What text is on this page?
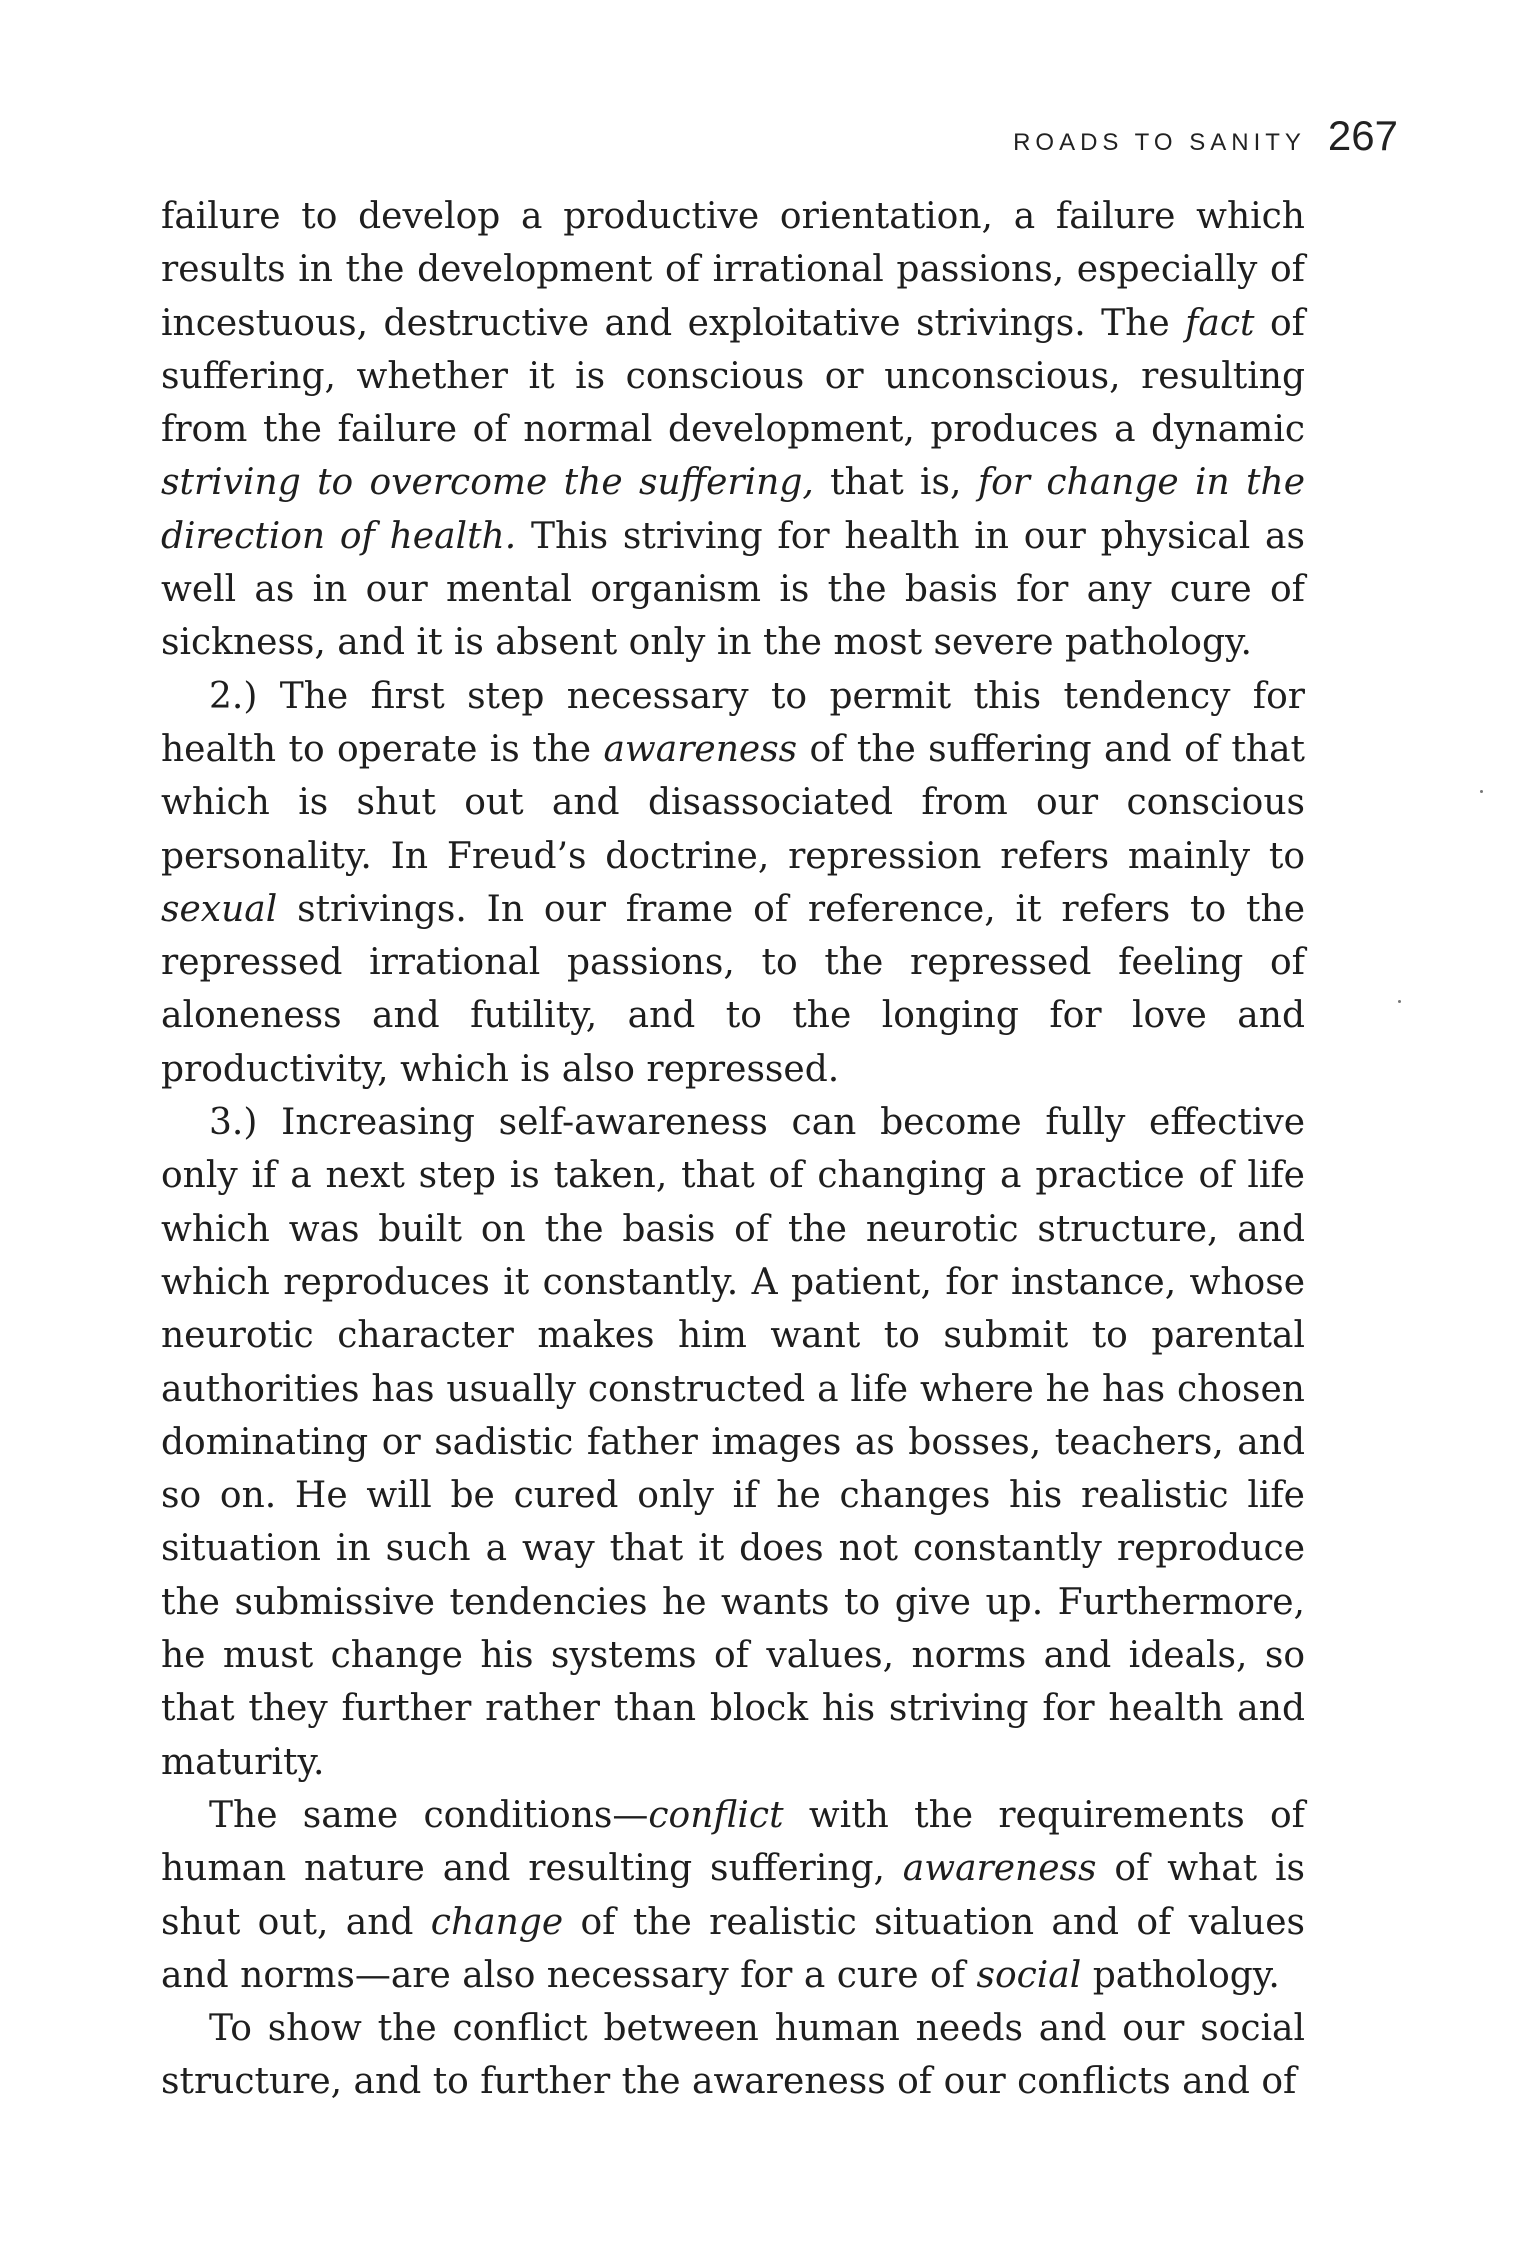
ROADS TO SANITY 267

failure to develop a productive orientation, a failure which results in the development of irrational passions, especially of incestuous, destructive and exploitative strivings. The fact of suffering, whether it is conscious or unconscious, resulting from the failure of normal development, produces a dynamic striving to overcome the suffering, that is, for change in the direction of health. This striving for health in our physical as well as in our mental organism is the basis for any cure of sickness, and it is absent only in the most severe pathology.

2.) The first step necessary to permit this tendency for health to operate is the awareness of the suffering and of that which is shut out and disassociated from our conscious personality. In Freud’s doctrine, repression refers mainly to sexual strivings. In our frame of reference, it refers to the repressed irrational passions, to the repressed feeling of aloneness and futility, and to the longing for love and productivity, which is also repressed.

3.) Increasing self-awareness can become fully effective only if a next step is taken, that of changing a practice of life which was built on the basis of the neurotic structure, and which reproduces it constantly. A patient, for instance, whose neurotic character makes him want to submit to parental authorities has usually constructed a life where he has chosen dominating or sadistic father images as bosses, teachers, and so on. He will be cured only if he changes his realistic life situation in such a way that it does not constantly reproduce the submissive tendencies he wants to give up. Furthermore, he must change his systems of values, norms and ideals, so that they further rather than block his striving for health and maturity.

The same conditions—conflict with the requirements of human nature and resulting suffering, awareness of what is shut out, and change of the realistic situation and of values and norms—are also necessary for a cure of social pathology.

To show the conflict between human needs and our social structure, and to further the awareness of our conflicts and of
